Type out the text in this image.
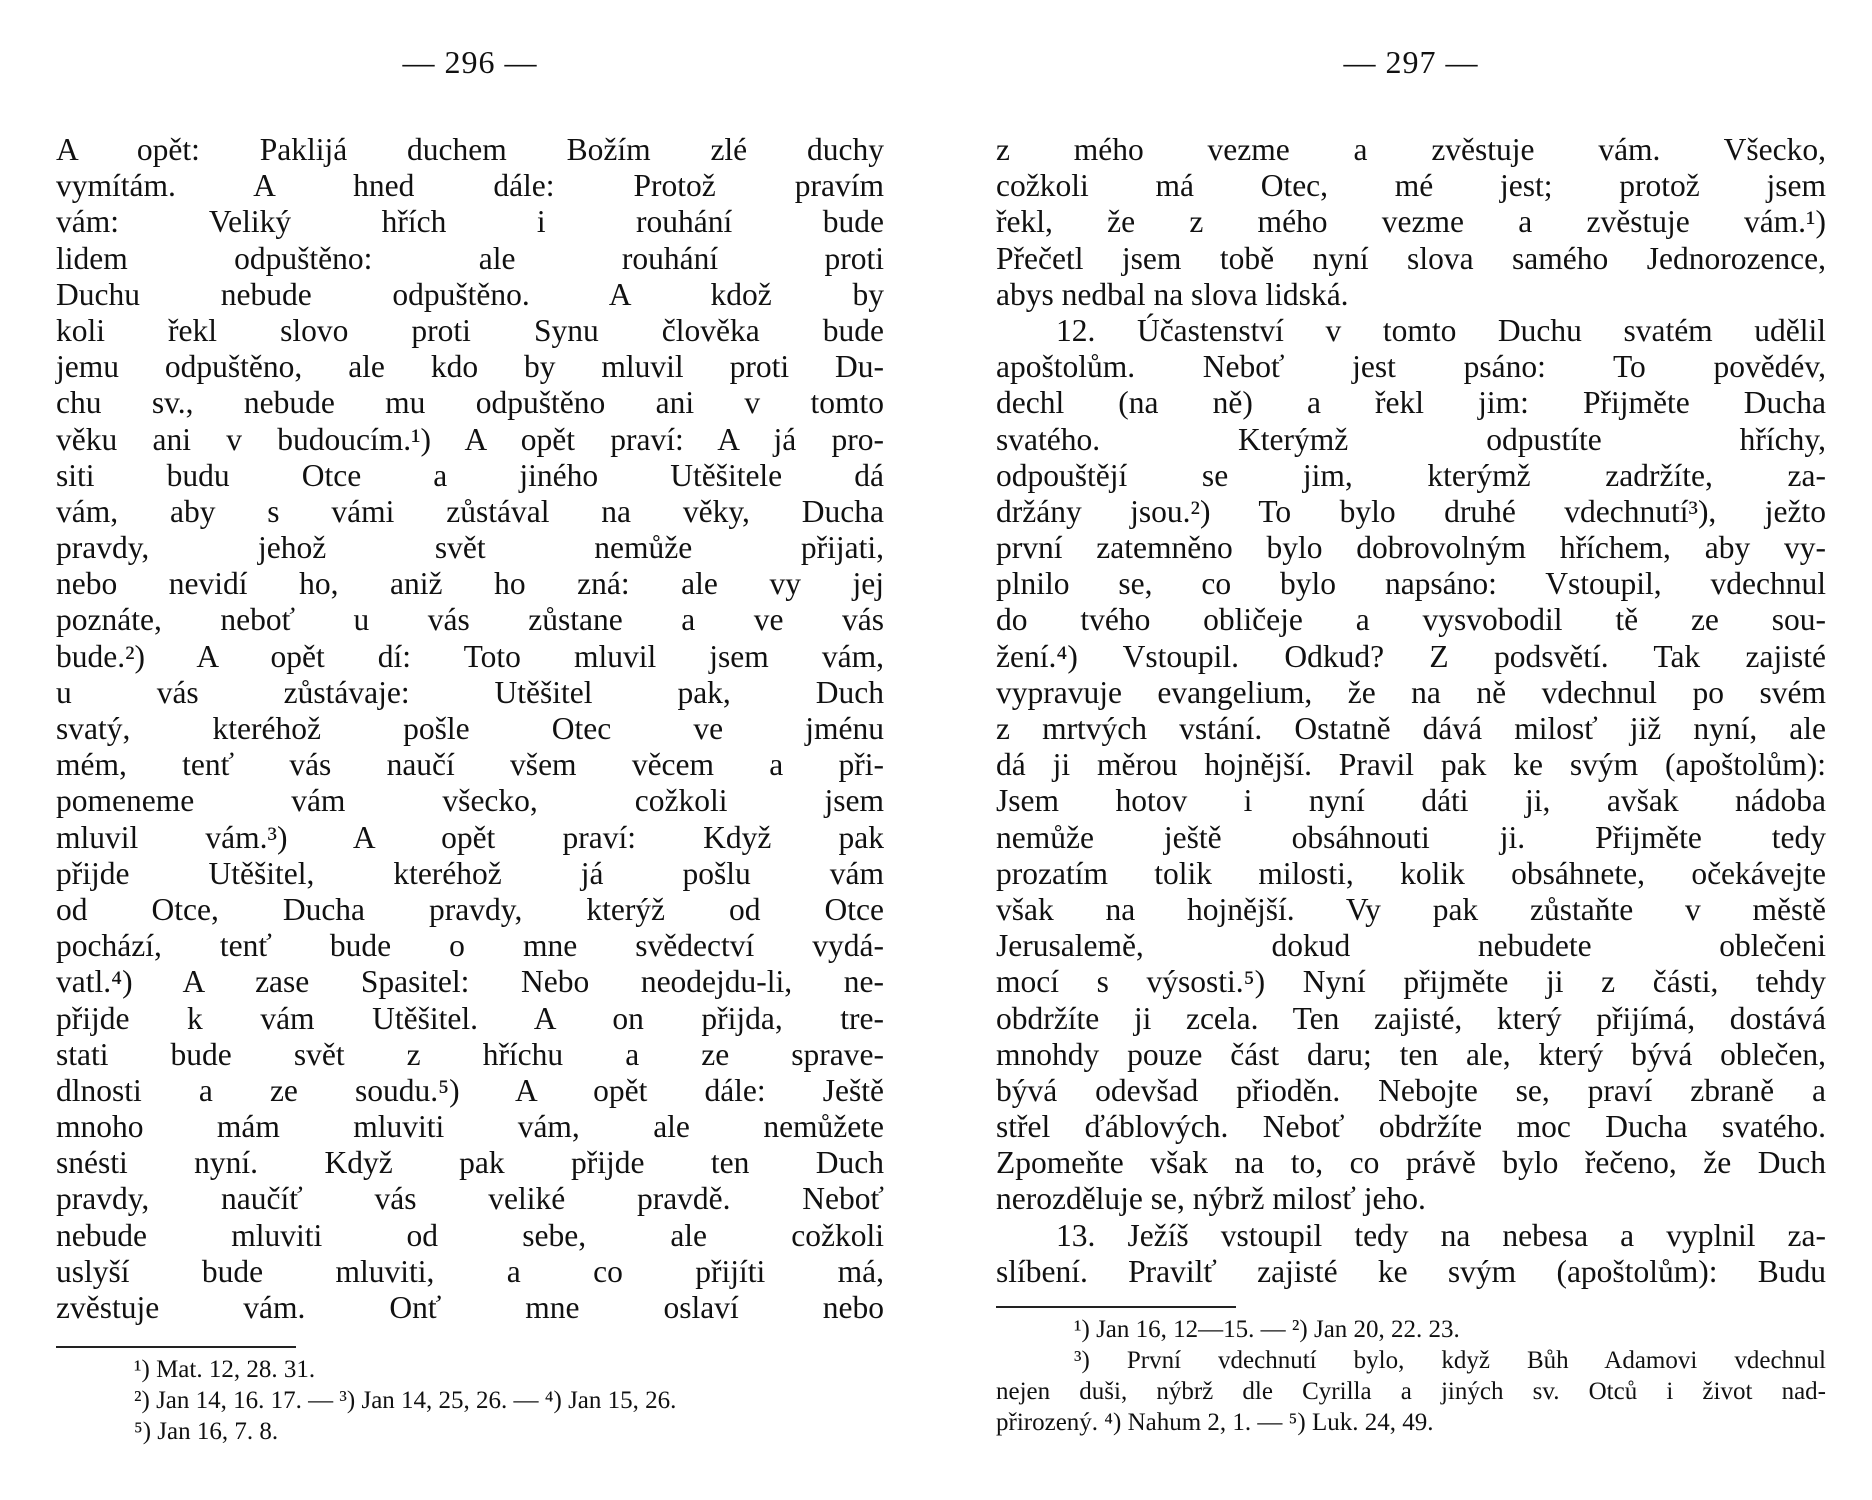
— 296 —
A opět: Paklijá duchem Božím zlé duchy
vymítám. A hned dále: Protož pravím
vám: Veliký hřích i rouhání bude
lidem odpuštěno: ale rouhání proti
Duchu nebude odpuštěno. A kdož by
koli řekl slovo proti Synu člověka bude
jemu odpuštěno, ale kdo by mluvil proti Du-
chu sv., nebude mu odpuštěno ani v tomto
věku ani v budoucím.¹) A opět praví: A já pro-
siti budu Otce a jiného Utěšitele dá
vám, aby s vámi zůstával na věky, Ducha
pravdy, jehož svět nemůže přijati,
nebo nevidí ho, aniž ho zná: ale vy jej
poznáte, neboť u vás zůstane a ve vás
bude.²) A opět dí: Toto mluvil jsem vám,
u vás zůstávaje: Utěšitel pak, Duch
svatý, kteréhož pošle Otec ve jménu
mém, tenť vás naučí všem věcem a při-
pomeneme vám všecko, cožkoli jsem
mluvil vám.³) A opět praví: Když pak
přijde Utěšitel, kteréhož já pošlu vám
od Otce, Ducha pravdy, kterýž od Otce
pochází, tenť bude o mne svědectví vydá-
vatl.⁴) A zase Spasitel: Nebo neodejdu-li, ne-
přijde k vám Utěšitel. A on přijda, tre-
stati bude svět z hříchu a ze sprave-
dlnosti a ze soudu.⁵) A opět dále: Ještě
mnoho mám mluviti vám, ale nemůžete
snésti nyní. Když pak přijde ten Duch
pravdy, naučíť vás veliké pravdě. Neboť
nebude mluviti od sebe, ale cožkoli
uslyší bude mluviti, a co přijíti má,
zvěstuje vám. Onť mne oslaví nebo
¹) Mat. 12, 28. 31.
²) Jan 14, 16. 17. — ³) Jan 14, 25, 26. — ⁴) Jan 15, 26.
⁵) Jan 16, 7. 8.
— 297 —
z mého vezme a zvěstuje vám. Všecko,
cožkoli má Otec, mé jest; protož jsem
řekl, že z mého vezme a zvěstuje vám.¹)
Přečetl jsem tobě nyní slova samého Jednorozence,
abys nedbal na slova lidská.
12. Účastenství v tomto Duchu svatém udělil
apoštolům. Neboť jest psáno: To povědév,
dechl (na ně) a řekl jim: Přijměte Ducha
svatého. Kterýmž odpustíte hříchy,
odpouštějí se jim, kterýmž zadržíte, za-
držány jsou.²) To bylo druhé vdechnutí³), ježto
první zatemněno bylo dobrovolným hříchem, aby vy-
plnilo se, co bylo napsáno: Vstoupil, vdechnul
do tvého obličeje a vysvobodil tě ze sou-
žení.⁴) Vstoupil. Odkud? Z podsvětí. Tak zajisté
vypravuje evangelium, že na ně vdechnul po svém
z mrtvých vstání. Ostatně dává milosť již nyní, ale
dá ji měrou hojnější. Pravil pak ke svým (apoštolům):
Jsem hotov i nyní dáti ji, avšak nádoba
nemůže ještě obsáhnouti ji. Přijměte tedy
prozatím tolik milosti, kolik obsáhnete, očekávejte
však na hojnější. Vy pak zůstaňte v městě
Jerusalemě, dokud nebudete oblečeni
mocí s výsosti.⁵) Nyní přijměte ji z části, tehdy
obdržíte ji zcela. Ten zajisté, který přijímá, dostává
mnohdy pouze část daru; ten ale, který bývá oblečen,
bývá odevšad přioděn. Nebojte se, praví zbraně a
střel ďáblových. Neboť obdržíte moc Ducha svatého.
Zpomeňte však na to, co právě bylo řečeno, že Duch
nerozděluje se, nýbrž milosť jeho.
13. Ježíš vstoupil tedy na nebesa a vyplnil za-
slíbení. Pravilť zajisté ke svým (apoštolům): Budu
¹) Jan 16, 12—15. — ²) Jan 20, 22. 23.
³) První vdechnutí bylo, když Bůh Adamovi vdechnul
nejen duši, nýbrž dle Cyrilla a jiných sv. Otců i život nad-
přirozený. ⁴) Nahum 2, 1. — ⁵) Luk. 24, 49.
